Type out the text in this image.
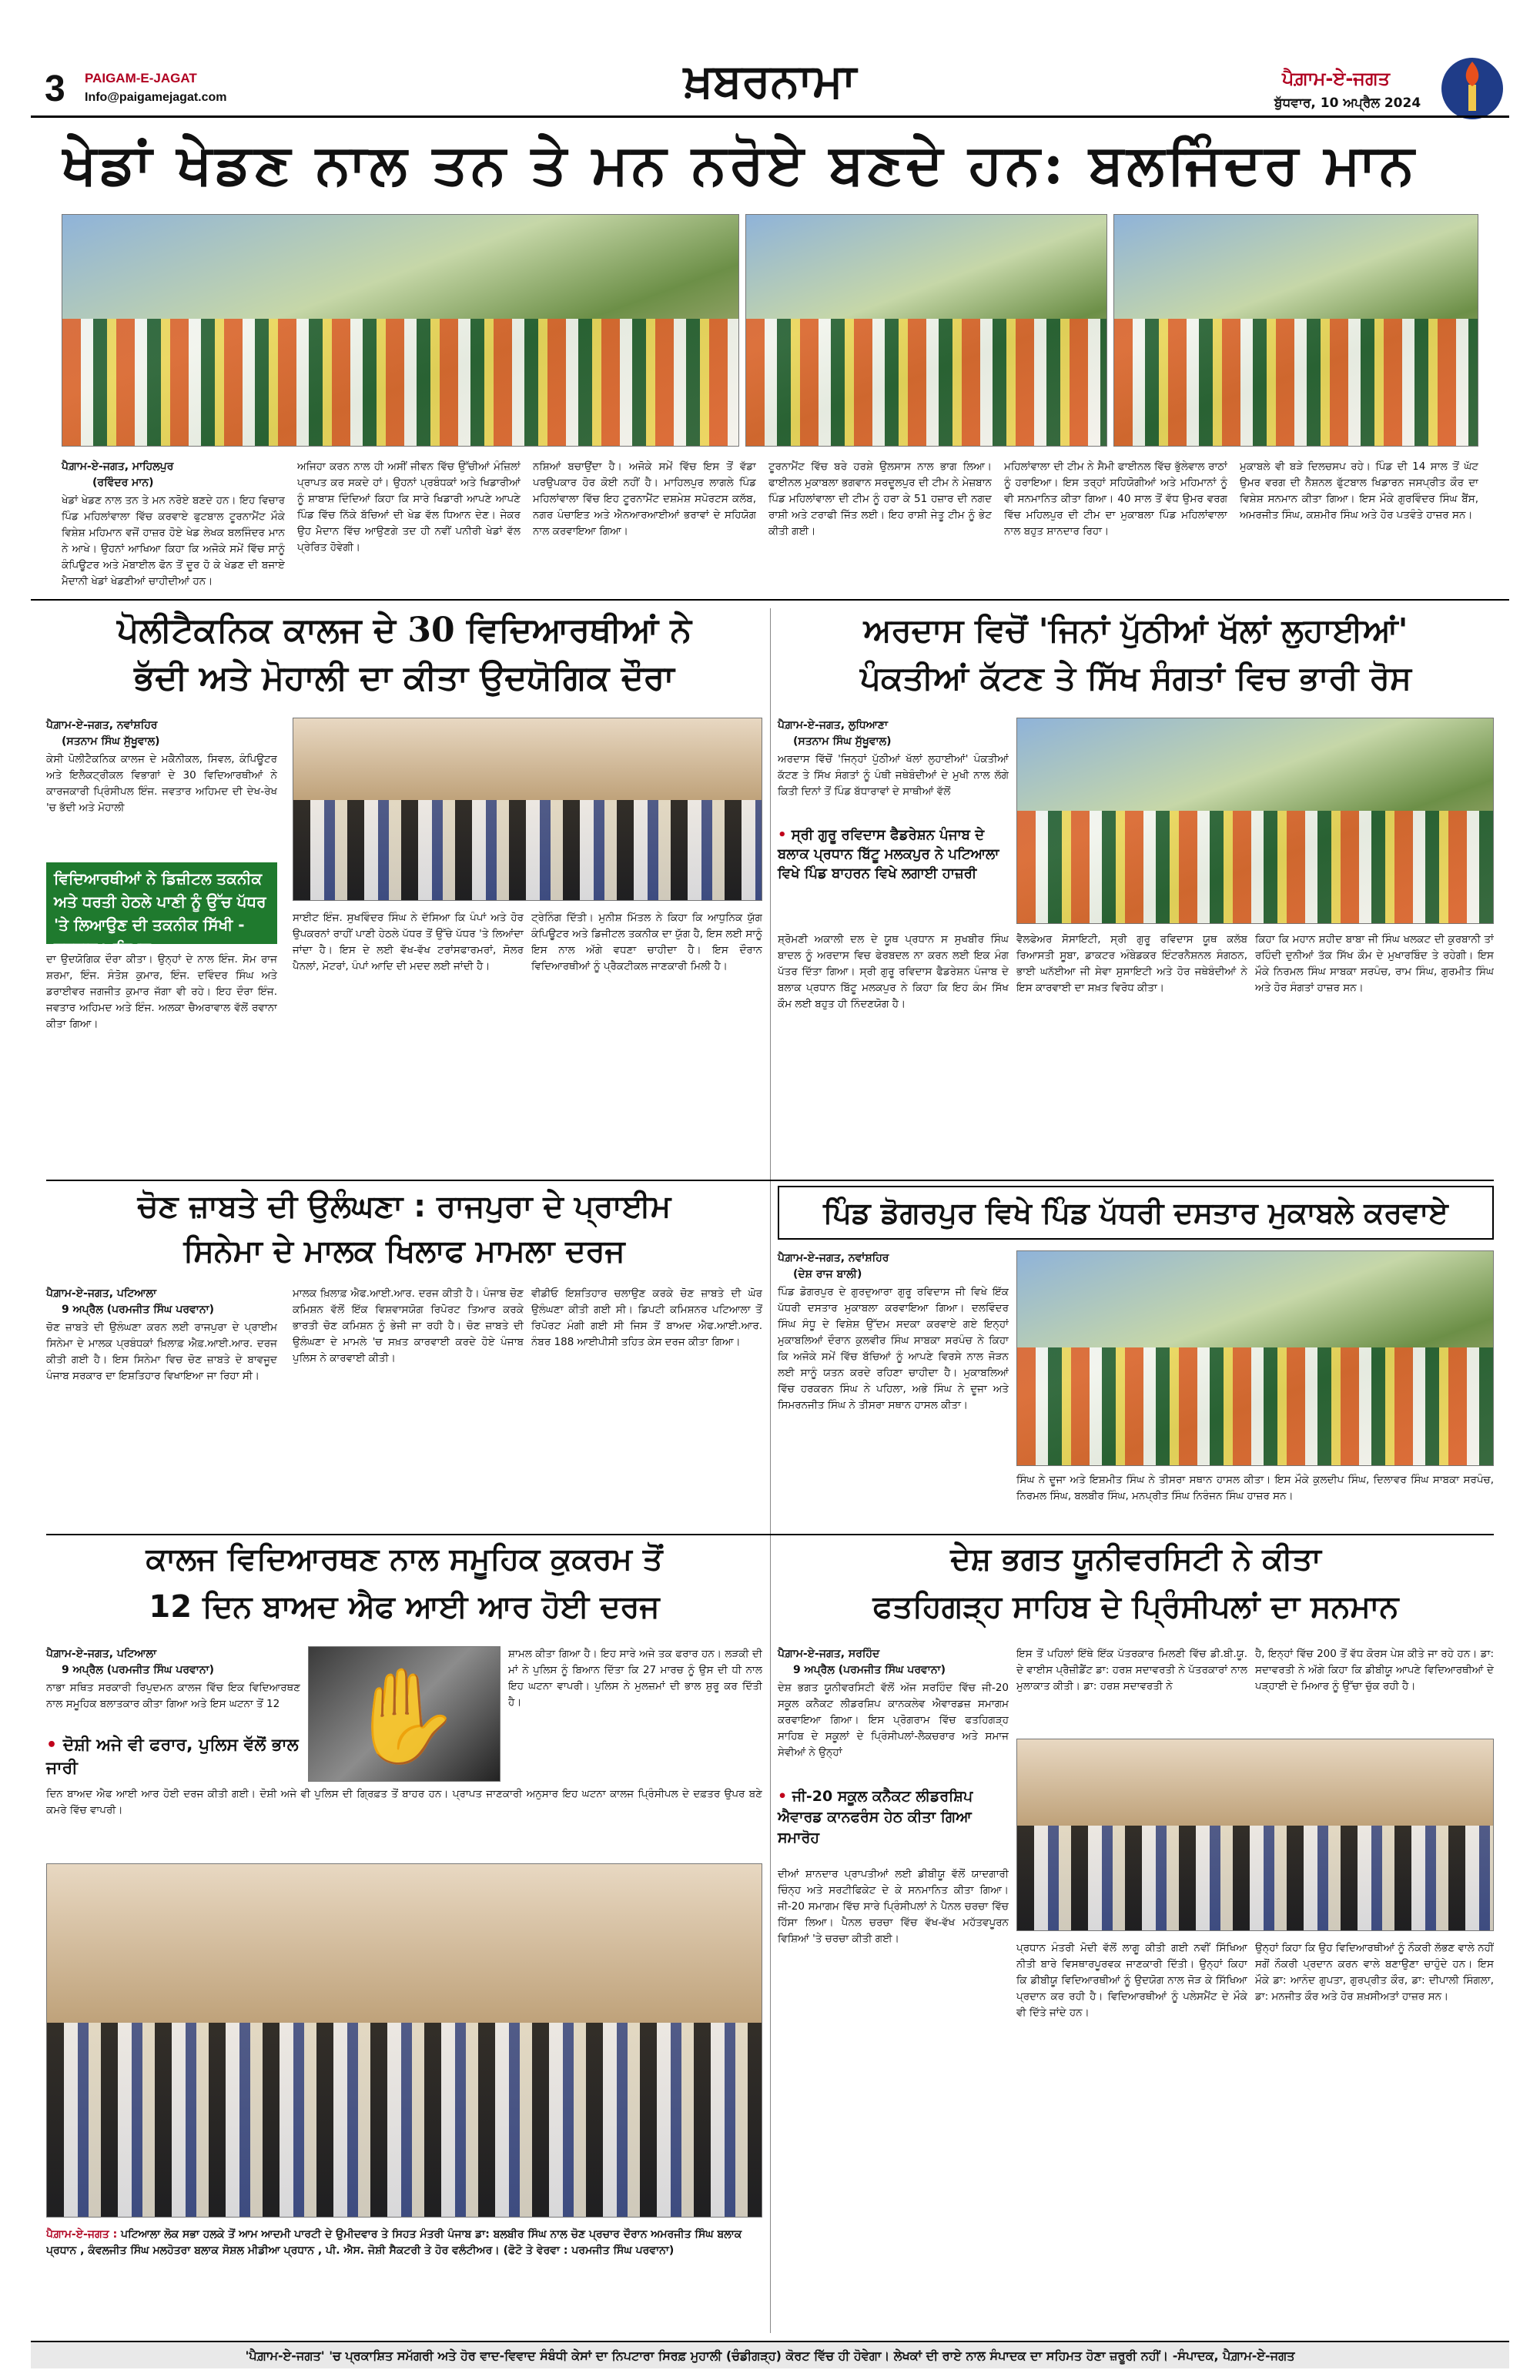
3 PAIGAM-E-JAGAT
Info@paigamejagat.com	ਖ਼ਬਰਨਾਮਾ	ਪੈਗ਼ਾਮ-ਏ-ਜਗਤ
ਬੁੱਧਵਾਰ, 10 ਅਪ੍ਰੈਲ 2024
ਖੇਡਾਂ ਖੇਡਣ ਨਾਲ ਤਨ ਤੇ ਮਨ ਨਰੋਏ ਬਣਦੇ ਹਨ: ਬਲਜਿੰਦਰ ਮਾਨ
ਪੈਗ਼ਾਮ-ਏ-ਜਗਤ, ਮਾਹਿਲਪੁਰ
(ਰਵਿੰਦਰ ਮਾਨ)
ਖੇਡਾਂ ਖੇਡਣ ਨਾਲ ਤਨ ਤੇ ਮਨ ਨਰੋਏ ਬਣਦੇ ਹਨ। ਇਹ ਵਿਚਾਰ ਪਿੰਡ ਮਹਿਲਾਂਵਾਲਾ ਵਿੱਚ ਕਰਵਾਏ ਫੁਟਬਾਲ ਟੂਰਨਾਮੈਂਟ ਮੌਕੇ ਵਿਸ਼ੇਸ਼ ਮਹਿਮਾਨ ਵਜੋਂ ਹਾਜ਼ਰ ਹੋਏ ਖੇਡ ਲੇਖਕ ਬਲਜਿੰਦਰ ਮਾਨ ਨੇ ਆਖੇ। ਉਹਨਾਂ ਆਖਿਆ ਕਿਹਾ ਕਿ ਅਜੋਕੇ ਸਮੇਂ ਵਿੱਚ ਸਾਨੂੰ ਕੰਪਿਊਟਰ ਅਤੇ ਮੋਬਾਈਲ ਫੋਨ ਤੋਂ ਦੂਰ ਹੋ ਕੇ ਖੇਡਣ ਦੀ ਬਜਾਏ ਮੈਦਾਨੀ ਖੇਡਾਂ ਖੇਡਣੀਆਂ ਚਾਹੀਦੀਆਂ ਹਨ।
ਅਜਿਹਾ ਕਰਨ ਨਾਲ ਹੀ ਅਸੀਂ ਜੀਵਨ ਵਿੱਚ ਉੱਚੀਆਂ ਮੰਜ਼ਿਲਾਂ ਪ੍ਰਾਪਤ ਕਰ ਸਕਦੇ ਹਾਂ। ਉਹਨਾਂ ਪ੍ਰਬੰਧਕਾਂ ਅਤੇ ਖਿਡਾਰੀਆਂ ਨੂੰ ਸ਼ਾਬਾਸ਼ ਦਿੰਦਿਆਂ ਕਿਹਾ ਕਿ ਸਾਰੇ ਖਿਡਾਰੀ ਆਪਣੇ ਆਪਣੇ ਪਿੰਡ ਵਿੱਚ ਨਿੱਕੇ ਬੱਚਿਆਂ ਦੀ ਖੇਡ ਵੱਲ ਧਿਆਨ ਦੇਣ। ਜੇਕਰ ਉਹ ਮੈਦਾਨ ਵਿੱਚ ਆਉਣਗੇ ਤਦ ਹੀ ਨਵੀਂ ਪਨੀਰੀ ਖੇਡਾਂ ਵੱਲ ਪ੍ਰੇਰਿਤ ਹੋਵੇਗੀ।
ਨਸ਼ਿਆਂ ਬਚਾਉਂਦਾ ਹੈ। ਅਜੋਕੇ ਸਮੇਂ ਵਿੱਚ ਇਸ ਤੋਂ ਵੱਡਾ ਪਰਉਪਕਾਰ ਹੋਰ ਕੋਈ ਨਹੀਂ ਹੈ। ਮਾਹਿਲਪੁਰ ਲਾਗਲੇ ਪਿੰਡ ਮਹਿਲਾਂਵਾਲਾ ਵਿੱਚ ਇਹ ਟੂਰਨਾਮੈਂਟ ਦਸ਼ਮੇਸ਼ ਸਪੋਰਟਸ ਕਲੱਬ, ਨਗਰ ਪੰਚਾਇਤ ਅਤੇ ਐਨਆਰਆਈਆਂ ਭਰਾਵਾਂ ਦੇ ਸਹਿਯੋਗ ਨਾਲ ਕਰਵਾਇਆ ਗਿਆ।
ਟੂਰਨਾਮੈਂਟ ਵਿੱਚ ਬਰੇ ਹਰਸ਼ੇ ਉਲਸਾਸ ਨਾਲ ਭਾਗ ਲਿਆ। ਫਾਈਨਲ ਮੁਕਾਬਲਾ ਭਗਵਾਨ ਸਰਦੂਲਪੁਰ ਦੀ ਟੀਮ ਨੇ ਮੇਜ਼ਬਾਨ ਪਿੰਡ ਮਹਿਲਾਂਵਾਲਾ ਦੀ ਟੀਮ ਨੂੰ ਹਰਾ ਕੇ 51 ਹਜ਼ਾਰ ਦੀ ਨਗਦ ਰਾਸ਼ੀ ਅਤੇ ਟਰਾਫੀ ਜਿੱਤ ਲਈ। ਇਹ ਰਾਸ਼ੀ ਜੇਤੂ ਟੀਮ ਨੂੰ ਭੇਟ ਕੀਤੀ ਗਈ।
ਮਹਿਲਾਂਵਾਲਾ ਦੀ ਟੀਮ ਨੇ ਸੈਮੀ ਫਾਈਨਲ ਵਿੱਚ ਭੁੱਲੇਵਾਲ ਰਾਠਾਂ ਨੂੰ ਹਰਾਇਆ। ਇਸ ਤਰ੍ਹਾਂ ਸਹਿਯੋਗੀਆਂ ਅਤੇ ਮਹਿਮਾਨਾਂ ਨੂੰ ਵੀ ਸਨਮਾਨਿਤ ਕੀਤਾ ਗਿਆ। 40 ਸਾਲ ਤੋਂ ਵੱਧ ਉਮਰ ਵਰਗ ਵਿੱਚ ਮਹਿਲਪੁਰ ਦੀ ਟੀਮ ਦਾ ਮੁਕਾਬਲਾ ਪਿੰਡ ਮਹਿਲਾਂਵਾਲਾ ਨਾਲ ਬਹੁਤ ਸ਼ਾਨਦਾਰ ਰਿਹਾ।
ਮੁਕਾਬਲੇ ਵੀ ਬੜੇ ਦਿਲਚਸਪ ਰਹੇ। ਪਿੰਡ ਦੀ 14 ਸਾਲ ਤੋਂ ਘੱਟ ਉਮਰ ਵਰਗ ਦੀ ਨੈਸ਼ਨਲ ਫੁੱਟਬਾਲ ਖਿਡਾਰਨ ਜਸਪ੍ਰੀਤ ਕੌਰ ਦਾ ਵਿਸ਼ੇਸ਼ ਸਨਮਾਨ ਕੀਤਾ ਗਿਆ। ਇਸ ਮੌਕੇ ਗੁਰਵਿੰਦਰ ਸਿੰਘ ਬੈਂਸ, ਅਮਰਜੀਤ ਸਿੰਘ, ਕਸ਼ਮੀਰ ਸਿੰਘ ਅਤੇ ਹੋਰ ਪਤਵੰਤੇ ਹਾਜ਼ਰ ਸਨ।
ਪੋਲੀਟੈਕਨਿਕ ਕਾਲਜ ਦੇ 30 ਵਿਦਿਆਰਥੀਆਂ ਨੇ
ਭੱਦੀ ਅਤੇ ਮੋਹਾਲੀ ਦਾ ਕੀਤਾ ਉਦਯੋਗਿਕ ਦੌਰਾ
ਪੈਗ਼ਾਮ-ਏ-ਜਗਤ, ਨਵਾਂਸ਼ਹਿਰ
(ਸਤਨਾਮ ਸਿੰਘ ਸੁੱਖੂਵਾਲ)
ਕੇਸੀ ਪੋਲੀਟੈਕਨਿਕ ਕਾਲਜ ਦੇ ਮਕੈਨੀਕਲ, ਸਿਵਲ, ਕੰਪਿਊਟਰ ਅਤੇ ਇਲੈਕਟ੍ਰੀਕਲ ਵਿਭਾਗਾਂ ਦੇ 30 ਵਿਦਿਆਰਥੀਆਂ ਨੇ ਕਾਰਜਕਾਰੀ ਪ੍ਰਿੰਸੀਪਲ ਇੰਜ. ਜਵਤਾਰ ਅਹਿਮਦ ਦੀ ਦੇਖ-ਰੇਖ 'ਚ ਭੱਦੀ ਅਤੇ ਮੋਹਾਲੀ
ਵਿਦਿਆਰਥੀਆਂ ਨੇ ਡਿਜ਼ੀਟਲ ਤਕਨੀਕ ਅਤੇ ਧਰਤੀ ਹੇਠਲੇ ਪਾਣੀ ਨੂੰ ਉੱਚ ਪੱਧਰ 'ਤੇ ਲਿਆਉਣ ਦੀ ਤਕਨੀਕ ਸਿੱਖੀ - ਜਵਤਾਰ ਅਹਿਮਦ
ਦਾ ਉਦਯੋਗਿਕ ਦੌਰਾ ਕੀਤਾ। ਉਨ੍ਹਾਂ ਦੇ ਨਾਲ ਇੰਜ. ਸੋਮ ਰਾਜ ਸ਼ਰਮਾ, ਇੰਜ. ਸੰਤੋਸ਼ ਕੁਮਾਰ, ਇੰਜ. ਦਵਿੰਦਰ ਸਿੰਘ ਅਤੇ ਡਰਾਈਵਰ ਜਗਜੀਤ ਕੁਮਾਰ ਜੱਗਾ ਵੀ ਰਹੇ। ਇਹ ਦੌਰਾ ਇੰਜ. ਜਵਤਾਰ ਅਹਿਮਦ ਅਤੇ ਇੰਜ. ਅਲਕਾ ਚੈਅਰਾਵਾਲ ਵੱਲੋਂ ਰਵਾਨਾ ਕੀਤਾ ਗਿਆ।
ਸਾਈਟ ਇੰਜ. ਸੁਖਵਿੰਦਰ ਸਿੰਘ ਨੇ ਦੱਸਿਆ ਕਿ ਪੰਪਾਂ ਅਤੇ ਹੋਰ ਉਪਕਰਨਾਂ ਰਾਹੀਂ ਪਾਣੀ ਹੇਠਲੇ ਪੱਧਰ ਤੋਂ ਉੱਚੇ ਪੱਧਰ 'ਤੇ ਲਿਆਂਦਾ ਜਾਂਦਾ ਹੈ। ਇਸ ਦੇ ਲਈ ਵੱਖ-ਵੱਖ ਟਰਾਂਸਫਾਰਮਰਾਂ, ਸੋਲਰ ਪੈਨਲਾਂ, ਮੋਟਰਾਂ, ਪੰਪਾਂ ਆਦਿ ਦੀ ਮਦਦ ਲਈ ਜਾਂਦੀ ਹੈ।
ਟ੍ਰੇਨਿੰਗ ਦਿੱਤੀ। ਮੁਨੀਸ਼ ਮਿੱਤਲ ਨੇ ਕਿਹਾ ਕਿ ਆਧੁਨਿਕ ਯੁੱਗ ਕੰਪਿਊਟਰ ਅਤੇ ਡਿਜੀਟਲ ਤਕਨੀਕ ਦਾ ਯੁੱਗ ਹੈ, ਇਸ ਲਈ ਸਾਨੂੰ ਇਸ ਨਾਲ ਅੱਗੇ ਵਧਣਾ ਚਾਹੀਦਾ ਹੈ। ਇਸ ਦੌਰਾਨ ਵਿਦਿਆਰਥੀਆਂ ਨੂੰ ਪ੍ਰੈਕਟੀਕਲ ਜਾਣਕਾਰੀ ਮਿਲੀ ਹੈ।
ਚੋਣ ਜ਼ਾਬਤੇ ਦੀ ਉਲੰਘਣਾ : ਰਾਜਪੁਰਾ ਦੇ ਪ੍ਰਾਈਮ
ਸਿਨੇਮਾ ਦੇ ਮਾਲਕ ਖਿਲਾਫ ਮਾਮਲਾ ਦਰਜ
ਪੈਗ਼ਾਮ-ਏ-ਜਗਤ, ਪਟਿਆਲਾ
9 ਅਪ੍ਰੈਲ (ਪਰਮਜੀਤ ਸਿੰਘ ਪਰਵਾਨਾ)
ਚੋਣ ਜ਼ਾਬਤੇ ਦੀ ਉਲੰਘਣਾ ਕਰਨ ਲਈ ਰਾਜਪੁਰਾ ਦੇ ਪ੍ਰਾਈਮ ਸਿਨੇਮਾ ਦੇ ਮਾਲਕ ਪ੍ਰਬੰਧਕਾਂ ਖ਼ਿਲਾਫ਼ ਐਫ਼.ਆਈ.ਆਰ. ਦਰਜ ਕੀਤੀ ਗਈ ਹੈ। ਇਸ ਸਿਨੇਮਾ ਵਿਚ ਚੋਣ ਜ਼ਾਬਤੇ ਦੇ ਬਾਵਜੂਦ ਪੰਜਾਬ ਸਰਕਾਰ ਦਾ ਇਸ਼ਤਿਹਾਰ ਵਿਖਾਇਆ ਜਾ ਰਿਹਾ ਸੀ।
ਮਾਲਕ ਖ਼ਿਲਾਫ਼ ਐਫ.ਆਈ.ਆਰ. ਦਰਜ ਕੀਤੀ ਹੈ। ਪੰਜਾਬ ਚੋਣ ਕਮਿਸ਼ਨ ਵੱਲੋਂ ਇੱਕ ਵਿਸ਼ਵਾਸਯੋਗ ਰਿਪੋਰਟ ਤਿਆਰ ਕਰਕੇ ਭਾਰਤੀ ਚੋਣ ਕਮਿਸ਼ਨ ਨੂੰ ਭੇਜੀ ਜਾ ਰਹੀ ਹੈ। ਚੋਣ ਜ਼ਾਬਤੇ ਦੀ ਉਲੰਘਣਾ ਦੇ ਮਾਮਲੇ 'ਚ ਸਖ਼ਤ ਕਾਰਵਾਈ ਕਰਦੇ ਹੋਏ ਪੰਜਾਬ ਪੁਲਿਸ ਨੇ ਕਾਰਵਾਈ ਕੀਤੀ।
ਵੀਡੀਓ ਇਸ਼ਤਿਹਾਰ ਚਲਾਉਣ ਕਰਕੇ ਚੋਣ ਜ਼ਾਬਤੇ ਦੀ ਘੋਰ ਉਲੰਘਣਾ ਕੀਤੀ ਗਈ ਸੀ। ਡਿਪਟੀ ਕਮਿਸ਼ਨਰ ਪਟਿਆਲਾ ਤੋਂ ਰਿਪੋਰਟ ਮੰਗੀ ਗਈ ਸੀ ਜਿਸ ਤੋਂ ਬਾਅਦ ਐਫ.ਆਈ.ਆਰ. ਨੰਬਰ 188 ਆਈਪੀਸੀ ਤਹਿਤ ਕੇਸ ਦਰਜ ਕੀਤਾ ਗਿਆ।
ਕਾਲਜ ਵਿਦਿਆਰਥਣ ਨਾਲ ਸਮੂਹਿਕ ਕੁਕਰਮ ਤੋਂ
12 ਦਿਨ ਬਾਅਦ ਐਫ ਆਈ ਆਰ ਹੋਈ ਦਰਜ
ਪੈਗ਼ਾਮ-ਏ-ਜਗਤ, ਪਟਿਆਲਾ
9 ਅਪ੍ਰੈਲ (ਪਰਮਜੀਤ ਸਿੰਘ ਪਰਵਾਨਾ)
ਨਾਭਾ ਸਥਿਤ ਸਰਕਾਰੀ ਰਿਪੁਦਮਨ ਕਾਲਜ ਵਿੱਚ ਇਕ ਵਿਦਿਆਰਥਣ ਨਾਲ ਸਮੂਹਿਕ ਬਲਾਤਕਾਰ ਕੀਤਾ ਗਿਆ ਅਤੇ ਇਸ ਘਟਨਾ ਤੋਂ 12
• ਦੋਸ਼ੀ ਅਜੇ ਵੀ ਫਰਾਰ, ਪੁਲਿਸ ਵੱਲੋਂ ਭਾਲ ਜਾਰੀ	✋
ਸ਼ਾਮਲ ਕੀਤਾ ਗਿਆ ਹੈ। ਇਹ ਸਾਰੇ ਅਜੇ ਤਕ ਫਰਾਰ ਹਨ। ਲੜਕੀ ਦੀ ਮਾਂ ਨੇ ਪੁਲਿਸ ਨੂੰ ਬਿਆਨ ਦਿੱਤਾ ਕਿ 27 ਮਾਰਚ ਨੂੰ ਉਸ ਦੀ ਧੀ ਨਾਲ ਇਹ ਘਟਨਾ ਵਾਪਰੀ। ਪੁਲਿਸ ਨੇ ਮੁਲਜ਼ਮਾਂ ਦੀ ਭਾਲ ਸ਼ੁਰੂ ਕਰ ਦਿੱਤੀ ਹੈ।
ਦਿਨ ਬਾਅਦ ਐਫ ਆਈ ਆਰ ਹੋਈ ਦਰਜ ਕੀਤੀ ਗਈ। ਦੋਸ਼ੀ ਅਜੇ ਵੀ ਪੁਲਿਸ ਦੀ ਗ੍ਰਿਫ਼ਤ ਤੋਂ ਬਾਹਰ ਹਨ। ਪ੍ਰਾਪਤ ਜਾਣਕਾਰੀ ਅਨੁਸਾਰ ਇਹ ਘਟਨਾ ਕਾਲਜ ਪ੍ਰਿੰਸੀਪਲ ਦੇ ਦਫ਼ਤਰ ਉਪਰ ਬਣੇ ਕਮਰੇ ਵਿੱਚ ਵਾਪਰੀ।
ਪੈਗ਼ਾਮ-ਏ-ਜਗਤ : ਪਟਿਆਲਾ ਲੋਕ ਸਭਾ ਹਲਕੇ ਤੋਂ ਆਮ ਆਦਮੀ ਪਾਰਟੀ ਦੇ ਉਮੀਦਵਾਰ ਤੇ ਸਿਹਤ ਮੰਤਰੀ ਪੰਜਾਬ ਡਾ: ਬਲਬੀਰ ਸਿੰਘ ਨਾਲ ਚੋਣ ਪ੍ਰਚਾਰ ਦੌਰਾਨ ਅਮਰਜੀਤ ਸਿੰਘ ਬਲਾਕ ਪ੍ਰਧਾਨ , ਕੰਵਲਜੀਤ ਸਿੰਘ ਮਲਹੋਤਰਾ ਬਲਾਕ ਸੋਸ਼ਲ ਮੀਡੀਆ ਪ੍ਰਧਾਨ , ਪੀ. ਐਸ. ਜੋਸ਼ੀ ਸੈਕਟਰੀ ਤੇ ਹੋਰ ਵਲੰਟੀਅਰ। (ਫੋਟੋ ਤੇ ਵੇਰਵਾ : ਪਰਮਜੀਤ ਸਿੰਘ ਪਰਵਾਨਾ)
ਅਰਦਾਸ ਵਿਚੋਂ 'ਜਿਨਾਂ ਪੁੱਠੀਆਂ ਖੱਲਾਂ ਲੁਹਾਈਆਂ'
ਪੰਕਤੀਆਂ ਕੱਟਣ ਤੇ ਸਿੱਖ ਸੰਗਤਾਂ ਵਿਚ ਭਾਰੀ ਰੋਸ
ਪੈਗ਼ਾਮ-ਏ-ਜਗਤ, ਲੁਧਿਆਣਾ
(ਸਤਨਾਮ ਸਿੰਘ ਸੁੱਖੂਵਾਲ)
ਅਰਦਾਸ ਵਿੱਚੋਂ 'ਜਿਨ੍ਹਾਂ ਪੁੱਠੀਆਂ ਖੱਲਾਂ ਲੁਹਾਈਆਂ' ਪੰਕਤੀਆਂ ਕੱਟਣ ਤੇ ਸਿੱਖ ਸੰਗਤਾਂ ਨੂੰ ਪੰਥੀ ਜਥੇਬੰਦੀਆਂ ਦੇ ਮੁਖੀ ਨਾਲ ਲੱਗੇ ਕਿਤੀ ਦਿਨਾਂ ਤੋਂ ਪਿੰਡ ਬੱਧਾਰਾਵਾਂ ਦੇ ਸਾਥੀਆਂ ਵੱਲੋਂ
• ਸ੍ਰੀ ਗੁਰੂ ਰਵਿਦਾਸ ਫੈਡਰੇਸ਼ਨ ਪੰਜਾਬ ਦੇ ਬਲਾਕ ਪ੍ਰਧਾਨ ਬਿੱਟੂ ਮਲਕਪੁਰ ਨੇ ਪਟਿਆਲਾ ਵਿਖੇ ਪਿੰਡ ਬਾਹਰਨ ਵਿਖੇ ਲਗਾਈ ਹਾਜ਼ਰੀ
ਸ਼੍ਰੋਮਣੀ ਅਕਾਲੀ ਦਲ ਦੇ ਯੂਥ ਪ੍ਰਧਾਨ ਸ ਸੁਖਬੀਰ ਸਿੰਘ ਬਾਦਲ ਨੂੰ ਅਰਦਾਸ ਵਿਚ ਫੇਰਬਦਲ ਨਾ ਕਰਨ ਲਈ ਇਕ ਮੰਗ ਪੱਤਰ ਦਿੱਤਾ ਗਿਆ। ਸ੍ਰੀ ਗੁਰੂ ਰਵਿਦਾਸ ਫੈਡਰੇਸ਼ਨ ਪੰਜਾਬ ਦੇ ਬਲਾਕ ਪ੍ਰਧਾਨ ਬਿੱਟੂ ਮਲਕਪੁਰ ਨੇ ਕਿਹਾ ਕਿ ਇਹ ਕੰਮ ਸਿੱਖ ਕੌਮ ਲਈ ਬਹੁਤ ਹੀ ਨਿੰਦਣਯੋਗ ਹੈ।
ਵੈਲਫੇਅਰ ਸੋਸਾਇਟੀ, ਸ੍ਰੀ ਗੁਰੂ ਰਵਿਦਾਸ ਯੂਥ ਕਲੱਬ ਰਿਆਸਤੀ ਸੂਬਾ, ਡਾਕਟਰ ਅੰਬੇਡਕਰ ਇੰਟਰਨੈਸ਼ਨਲ ਸੰਗਠਨ, ਭਾਈ ਘਨੱਈਆ ਜੀ ਸੇਵਾ ਸੁਸਾਇਟੀ ਅਤੇ ਹੋਰ ਜਥੇਬੰਦੀਆਂ ਨੇ ਇਸ ਕਾਰਵਾਈ ਦਾ ਸਖ਼ਤ ਵਿਰੋਧ ਕੀਤਾ।
ਕਿਹਾ ਕਿ ਮਹਾਨ ਸ਼ਹੀਦ ਬਾਬਾ ਜੀ ਸਿੰਘ ਖਲਕਟ ਦੀ ਕੁਰਬਾਨੀ ਤਾਂ ਰਹਿੰਦੀ ਦੁਨੀਆਂ ਤੱਕ ਸਿੱਖ ਕੌਮ ਦੇ ਮੁਖਾਰਬਿੰਦ ਤੇ ਰਹੇਗੀ। ਇਸ ਮੌਕੇ ਨਿਰਮਲ ਸਿੰਘ ਸਾਬਕਾ ਸਰਪੰਚ, ਰਾਮ ਸਿੰਘ, ਗੁਰਮੀਤ ਸਿੰਘ ਅਤੇ ਹੋਰ ਸੰਗਤਾਂ ਹਾਜ਼ਰ ਸਨ।
ਪਿੰਡ ਡੋਗਰਪੁਰ ਵਿਖੇ ਪਿੰਡ ਪੱਧਰੀ ਦਸਤਾਰ ਮੁਕਾਬਲੇ ਕਰਵਾਏ
ਪੈਗ਼ਾਮ-ਏ-ਜਗਤ, ਨਵਾਂਸ਼ਹਿਰ
(ਦੇਸ਼ ਰਾਜ ਬਾਲੀ)
ਪਿੰਡ ਡੋਗਰਪੁਰ ਦੇ ਗੁਰਦੁਆਰਾ ਗੁਰੂ ਰਵਿਦਾਸ ਜੀ ਵਿਖੇ ਇੱਕ ਪੱਧਰੀ ਦਸਤਾਰ ਮੁਕਾਬਲਾ ਕਰਵਾਇਆ ਗਿਆ। ਦਲਵਿੰਦਰ ਸਿੰਘ ਸੰਧੂ ਦੇ ਵਿਸ਼ੇਸ਼ ਉੱਦਮ ਸਦਕਾ ਕਰਵਾਏ ਗਏ ਇਨ੍ਹਾਂ ਮੁਕਾਬਲਿਆਂ ਦੌਰਾਨ ਕੁਲਵੀਰ ਸਿੰਘ ਸਾਬਕਾ ਸਰਪੰਚ ਨੇ ਕਿਹਾ ਕਿ ਅਜੋਕੇ ਸਮੇਂ ਵਿੱਚ ਬੱਚਿਆਂ ਨੂੰ ਆਪਣੇ ਵਿਰਸੇ ਨਾਲ ਜੋੜਨ ਲਈ ਸਾਨੂੰ ਯਤਨ ਕਰਦੇ ਰਹਿਣਾ ਚਾਹੀਦਾ ਹੈ। ਮੁਕਾਬਲਿਆਂ ਵਿੱਚ ਹਰਕਰਨ ਸਿੰਘ ਨੇ ਪਹਿਲਾ, ਅਭੇ ਸਿੰਘ ਨੇ ਦੂਜਾ ਅਤੇ ਸਿਮਰਨਜੀਤ ਸਿੰਘ ਨੇ ਤੀਸਰਾ ਸਥਾਨ ਹਾਸਲ ਕੀਤਾ।
ਸਿੰਘ ਨੇ ਦੂਜਾ ਅਤੇ ਇਸ਼ਮੀਤ ਸਿੰਘ ਨੇ ਤੀਸਰਾ ਸਥਾਨ ਹਾਸਲ ਕੀਤਾ। ਇਸ ਮੌਕੇ ਕੁਲਦੀਪ ਸਿੰਘ, ਦਿਲਾਵਰ ਸਿੰਘ ਸਾਬਕਾ ਸਰਪੰਚ, ਨਿਰਮਲ ਸਿੰਘ, ਬਲਬੀਰ ਸਿੰਘ, ਮਨਪ੍ਰੀਤ ਸਿੰਘ ਨਿਰੰਜਨ ਸਿੰਘ ਹਾਜ਼ਰ ਸਨ।
ਦੇਸ਼ ਭਗਤ ਯੂਨੀਵਰਸਿਟੀ ਨੇ ਕੀਤਾ
ਫਤਹਿਗੜ੍ਹ ਸਾਹਿਬ ਦੇ ਪ੍ਰਿੰਸੀਪਲਾਂ ਦਾ ਸਨਮਾਨ
ਪੈਗ਼ਾਮ-ਏ-ਜਗਤ, ਸਰਹਿੰਦ
9 ਅਪ੍ਰੈਲ (ਪਰਮਜੀਤ ਸਿੰਘ ਪਰਵਾਨਾ)
ਦੇਸ਼ ਭਗਤ ਯੂਨੀਵਰਸਿਟੀ ਵੱਲੋਂ ਅੱਜ ਸਰਹਿੰਦ ਵਿੱਚ ਜੀ-20 ਸਕੂਲ ਕਨੈਕਟ ਲੀਡਰਸ਼ਿਪ ਕਾਨਕਲੇਵ ਐਵਾਰਡਜ਼ ਸਮਾਗਮ ਕਰਵਾਇਆ ਗਿਆ। ਇਸ ਪ੍ਰੋਗਰਾਮ ਵਿੱਚ ਫਤਹਿਗੜ੍ਹ ਸਾਹਿਬ ਦੇ ਸਕੂਲਾਂ ਦੇ ਪ੍ਰਿੰਸੀਪਲਾਂ-ਲੈਕਚਰਾਰ ਅਤੇ ਸਮਾਜ ਸੇਵੀਆਂ ਨੇ ਉਨ੍ਹਾਂ
ਇਸ ਤੋਂ ਪਹਿਲਾਂ ਇੱਥੇ ਇੱਕ ਪੱਤਰਕਾਰ ਮਿਲਣੀ ਵਿੱਚ ਡੀ.ਬੀ.ਯੂ. ਦੇ ਵਾਈਸ ਪ੍ਰੈਜ਼ੀਡੈਂਟ ਡਾ: ਹਰਸ਼ ਸਦਾਵਰਤੀ ਨੇ ਪੱਤਰਕਾਰਾਂ ਨਾਲ ਮੁਲਾਕਾਤ ਕੀਤੀ। ਡਾ: ਹਰਸ਼ ਸਦਾਵਰਤੀ ਨੇ
ਹੈ, ਇਨ੍ਹਾਂ ਵਿੱਚ 200 ਤੋਂ ਵੱਧ ਕੋਰਸ ਪੇਸ਼ ਕੀਤੇ ਜਾ ਰਹੇ ਹਨ। ਡਾ: ਸਦਾਵਰਤੀ ਨੇ ਅੱਗੇ ਕਿਹਾ ਕਿ ਡੀਬੀਯੂ ਆਪਣੇ ਵਿਦਿਆਰਥੀਆਂ ਦੇ ਪੜ੍ਹਾਈ ਦੇ ਮਿਆਰ ਨੂੰ ਉੱਚਾ ਚੁੱਕ ਰਹੀ ਹੈ।
• ਜੀ-20 ਸਕੂਲ ਕਨੈਕਟ ਲੀਡਰਸ਼ਿਪ ਐਵਾਰਡ ਕਾਨਫਰੰਸ ਹੇਠ ਕੀਤਾ ਗਿਆ ਸਮਾਰੋਹ
ਦੀਆਂ ਸ਼ਾਨਦਾਰ ਪ੍ਰਾਪਤੀਆਂ ਲਈ ਡੀਬੀਯੂ ਵੱਲੋਂ ਯਾਦਗਾਰੀ ਚਿੰਨ੍ਹ ਅਤੇ ਸਰਟੀਫਿਕੇਟ ਦੇ ਕੇ ਸਨਮਾਨਿਤ ਕੀਤਾ ਗਿਆ। ਜੀ-20 ਸਮਾਗਮ ਵਿੱਚ ਸਾਰੇ ਪ੍ਰਿੰਸੀਪਲਾਂ ਨੇ ਪੈਨਲ ਚਰਚਾ ਵਿੱਚ ਹਿੱਸਾ ਲਿਆ। ਪੈਨਲ ਚਰਚਾ ਵਿੱਚ ਵੱਖ-ਵੱਖ ਮਹੱਤਵਪੂਰਨ ਵਿਸ਼ਿਆਂ 'ਤੇ ਚਰਚਾ ਕੀਤੀ ਗਈ।
ਪ੍ਰਧਾਨ ਮੰਤਰੀ ਮੋਦੀ ਵੱਲੋਂ ਲਾਗੂ ਕੀਤੀ ਗਈ ਨਵੀਂ ਸਿੱਖਿਆ ਨੀਤੀ ਬਾਰੇ ਵਿਸਥਾਰਪੂਰਵਕ ਜਾਣਕਾਰੀ ਦਿੱਤੀ। ਉਨ੍ਹਾਂ ਕਿਹਾ ਕਿ ਡੀਬੀਯੂ ਵਿਦਿਆਰਥੀਆਂ ਨੂੰ ਉਦਯੋਗ ਨਾਲ ਜੋੜ ਕੇ ਸਿੱਖਿਆ ਪ੍ਰਦਾਨ ਕਰ ਰਹੀ ਹੈ। ਵਿਦਿਆਰਥੀਆਂ ਨੂੰ ਪਲੇਸਮੈਂਟ ਦੇ ਮੌਕੇ ਵੀ ਦਿੱਤੇ ਜਾਂਦੇ ਹਨ।
ਉਨ੍ਹਾਂ ਕਿਹਾ ਕਿ ਉਹ ਵਿਦਿਆਰਥੀਆਂ ਨੂੰ ਨੌਕਰੀ ਲੱਭਣ ਵਾਲੇ ਨਹੀਂ ਸਗੋਂ ਨੌਕਰੀ ਪ੍ਰਦਾਨ ਕਰਨ ਵਾਲੇ ਬਣਾਉਣਾ ਚਾਹੁੰਦੇ ਹਨ। ਇਸ ਮੌਕੇ ਡਾ: ਆਨੰਦ ਗੁਪਤਾ, ਗੁਰਪ੍ਰੀਤ ਕੌਰ, ਡਾ: ਦੀਪਾਲੀ ਸਿੰਗਲਾ, ਡਾ: ਮਨਜੀਤ ਕੌਰ ਅਤੇ ਹੋਰ ਸ਼ਖ਼ਸੀਅਤਾਂ ਹਾਜ਼ਰ ਸਨ।
'ਪੈਗ਼ਾਮ-ਏ-ਜਗਤ' 'ਚ ਪ੍ਰਕਾਸ਼ਿਤ ਸਮੱਗਰੀ ਅਤੇ ਹੋਰ ਵਾਦ-ਵਿਵਾਦ ਸੰਬੰਧੀ ਕੇਸਾਂ ਦਾ ਨਿਪਟਾਰਾ ਸਿਰਫ਼ ਮੁਹਾਲੀ (ਚੰਡੀਗੜ੍ਹ) ਕੋਰਟ ਵਿੱਚ ਹੀ ਹੋਵੇਗਾ। ਲੇਖਕਾਂ ਦੀ ਰਾਏ ਨਾਲ ਸੰਪਾਦਕ ਦਾ ਸਹਿਮਤ ਹੋਣਾ ਜ਼ਰੂਰੀ ਨਹੀਂ। -ਸੰਪਾਦਕ, ਪੈਗ਼ਾਮ-ਏ-ਜਗਤ
